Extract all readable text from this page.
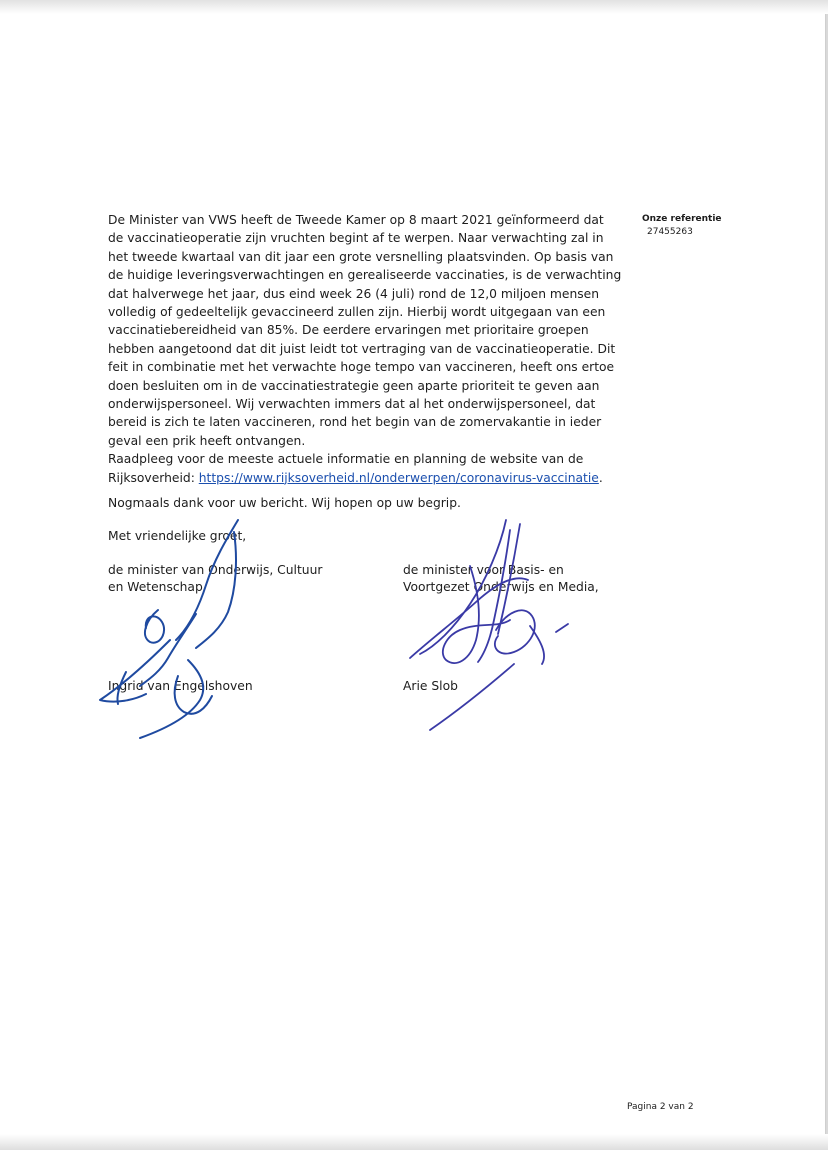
Onze referentie
27455263
De Minister van VWS heeft de Tweede Kamer op 8 maart 2021 geïnformeerd dat
de vaccinatieoperatie zijn vruchten begint af te werpen. Naar verwachting zal in
het tweede kwartaal van dit jaar een grote versnelling plaatsvinden. Op basis van
de huidige leveringsverwachtingen en gerealiseerde vaccinaties, is de verwachting
dat halverwege het jaar, dus eind week 26 (4 juli) rond de 12,0 miljoen mensen
volledig of gedeeltelijk gevaccineerd zullen zijn. Hierbij wordt uitgegaan van een
vaccinatiebereidheid van 85%. De eerdere ervaringen met prioritaire groepen
hebben aangetoond dat dit juist leidt tot vertraging van de vaccinatieoperatie. Dit
feit in combinatie met het verwachte hoge tempo van vaccineren, heeft ons ertoe
doen besluiten om in de vaccinatiestrategie geen aparte prioriteit te geven aan
onderwijspersoneel. Wij verwachten immers dat al het onderwijspersoneel, dat
bereid is zich te laten vaccineren, rond het begin van de zomervakantie in ieder
geval een prik heeft ontvangen.
Raadpleeg voor de meeste actuele informatie en planning de website van de
Rijksoverheid: https://www.rijksoverheid.nl/onderwerpen/coronavirus-vaccinatie.
Nogmaals dank voor uw bericht. Wij hopen op uw begrip.
Met vriendelijke groet,
de minister van Onderwijs, Cultuur
en Wetenschap
Ingrid van Engelshoven
de minister voor Basis- en
Voortgezet Onderwijs en Media,
Arie Slob
Pagina 2 van 2
